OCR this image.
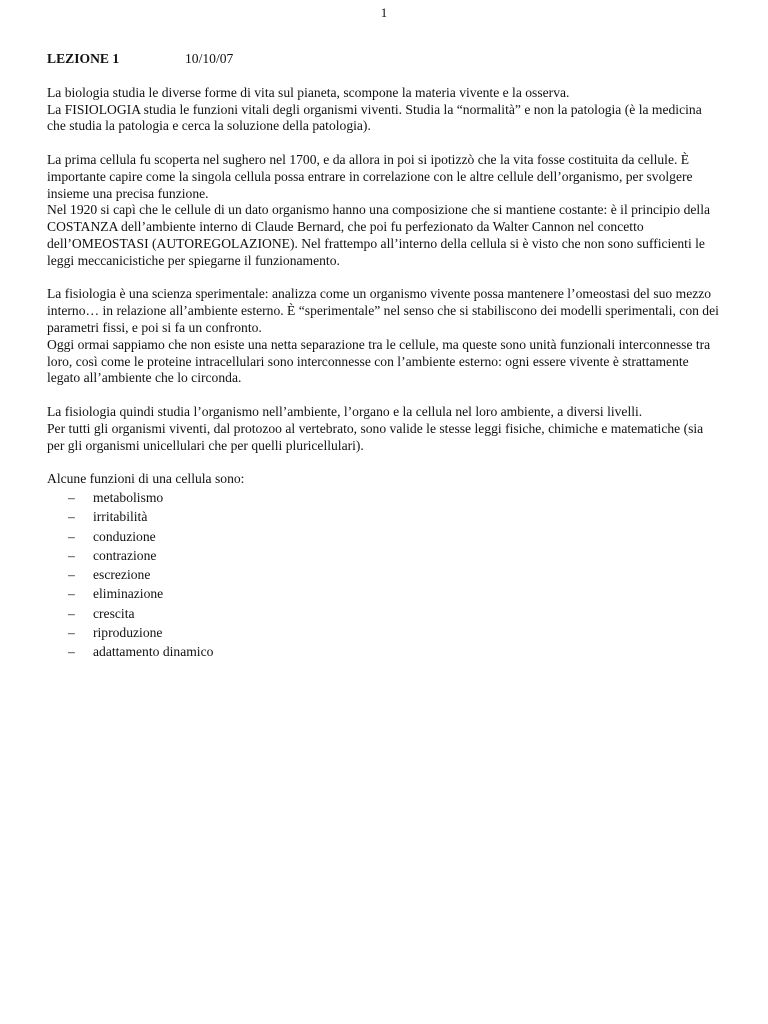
1
LEZIONE 1	10/10/07

La biologia studia le diverse forme di vita sul pianeta, scompone la materia vivente e la osserva.

La FISIOLOGIA studia le funzioni vitali degli organismi viventi. Studia la “normalità” e non la patologia (è la medicina che studia la patologia e cerca la soluzione della patologia).

La prima cellula fu scoperta nel sughero nel 1700, e da allora in poi si ipotizzò che la vita fosse costituita da cellule. È importante capire come la singola cellula possa entrare in correlazione con le altre cellule dell’organismo, per svolgere insieme una precisa funzione.

Nel 1920 si capì che le cellule di un dato organismo hanno una composizione che si mantiene costante: è il principio della COSTANZA dell’ambiente interno di Claude Bernard, che poi fu perfezionato da Walter Cannon nel concetto dell’OMEOSTASI (AUTOREGOLAZIONE). Nel frattempo all’interno della cellula si è visto che non sono sufficienti le leggi meccanicistiche per spiegarne il funzionamento.

La fisiologia è una scienza sperimentale: analizza come un organismo vivente possa mantenere l’omeostasi del suo mezzo interno… in relazione all’ambiente esterno. È “sperimentale” nel senso che si stabiliscono dei modelli sperimentali, con dei parametri fissi, e poi si fa un confronto.

Oggi ormai sappiamo che non esiste una netta separazione tra le cellule, ma queste sono unità funzionali interconnesse tra loro, così come le proteine intracellulari sono interconnesse con l’ambiente esterno: ogni essere vivente è strattamente legato all’ambiente che lo circonda.

La fisiologia quindi studia l’organismo nell’ambiente, l’organo e la cellula nel loro ambiente, a diversi livelli.

Per tutti gli organismi viventi, dal protozoo al vertebrato, sono valide le stesse leggi fisiche, chimiche e matematiche (sia per gli organismi unicellulari che per quelli pluricellulari).

Alcune funzioni di una cellula sono:

– metabolismo
– irritabilità
– conduzione
– contrazione
– escrezione
– eliminazione
– crescita
– riproduzione
– adattamento dinamico
